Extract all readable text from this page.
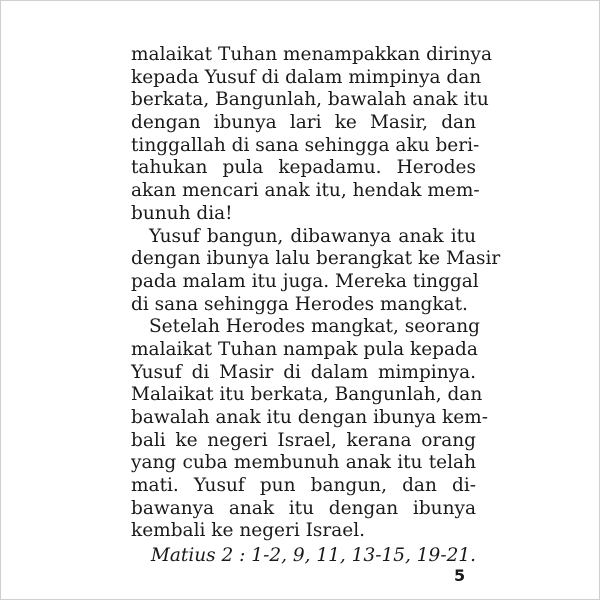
malaikat Tuhan menampakkan dirinya
kepada Yusuf di dalam mimpinya dan
berkata, Bangunlah, bawalah anak itu
dengan ibunya lari ke Masir, dan
tinggallah di sana sehingga aku beri-
tahukan pula kepadamu. Herodes
akan mencari anak itu, hendak mem-
bunuh dia!
Yusuf bangun, dibawanya anak itu
dengan ibunya lalu berangkat ke Masir
pada malam itu juga. Mereka tinggal
di sana sehingga Herodes mangkat.
Setelah Herodes mangkat, seorang
malaikat Tuhan nampak pula kepada
Yusuf di Masir di dalam mimpinya.
Malaikat itu berkata, Bangunlah, dan
bawalah anak itu dengan ibunya kem-
bali ke negeri Israel, kerana orang
yang cuba membunuh anak itu telah
mati. Yusuf pun bangun, dan di-
bawanya anak itu dengan ibunya
kembali ke negeri Israel.
Matius 2 : 1-2, 9, 11, 13-15, 19-21.
5
